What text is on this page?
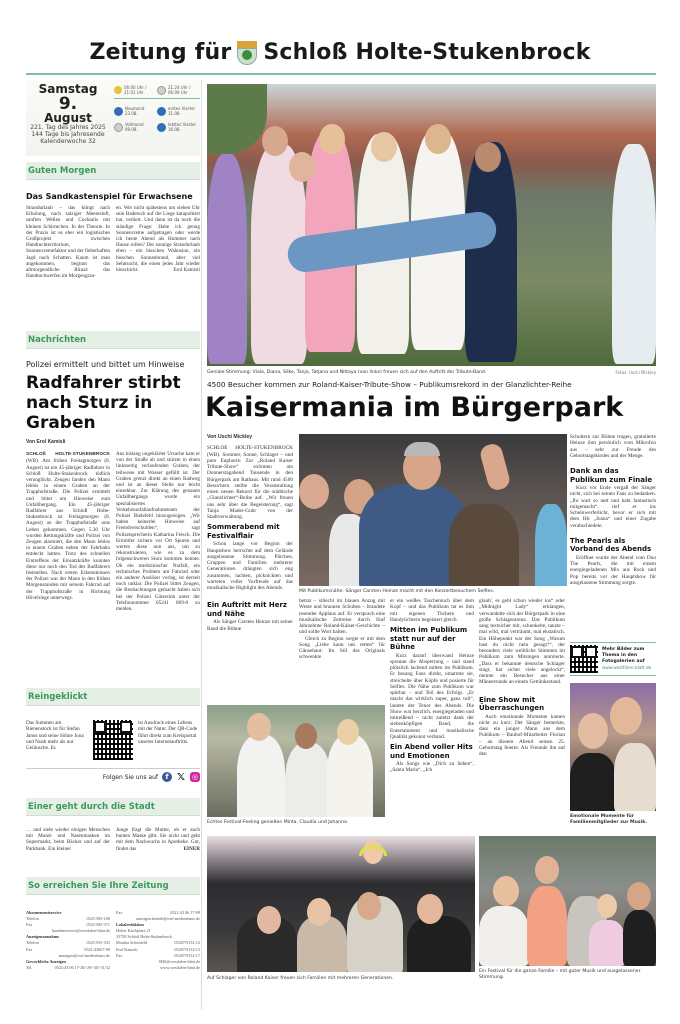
Zeitung für Schloß Holte-Stukenbrock
Samstag
9.
August
221. Tag des Jahres 2025
144 Tage bis Jahresende
Kalenderwoche 32
06:00 Uhr / 21:01 Uhr
21:24 Uhr / 06:09 Uhr
Neumond
23.08.
erstes Viertel
31.08.
Vollmond
09.08.
letztes Viertel
16.08.
Guten Morgen
Das Sandkastenspiel für Erwachsene

Strandurlaub – das klingt nach Erholung, nach salziger Meeresluft, sanften Wellen und Cocktails mit kleinen Schirmchen. In der Theorie. In der Praxis ist es eher ein logistisches Großprojekt zwischen Handtuchterritorium, Sonnencremefaktor und der fieberhaften Jagd nach Schatten. Kaum ist man angekommen, beginnt das allmorgendliche Ritual: das Handtuchwerfen im Morgengrau-

en. Wer nicht spätestens um sieben Uhr sein Badetuch auf die Liege katapultiert hat, verliert. Und dann ist da noch die ständige Frage: Habe ich genug Sonnencreme aufgetragen oder werde ich heute Abend als Hummer nach Hause rollen? Der sonnige Strandurlaub eben – ein bisschen Wahnsinn, ein bisschen Sonnenbrand, aber viel Sehnsucht, die einen jedes Jahr wieder hinschickt.	Erol Kamisli

Nachrichten
Polizei ermittelt und bittet um Hinweise
Radfahrer stirbt nach Sturz in Graben

Von Erol Kamisli
SCHLOß HOLTE-STUKENBROCK (WB). Am frühen Freitagmorgen (8. August) ist ein 45-jähriger Radfahrer in Schloß Holte-Stukenbrock tödlich verunglückt. Zeugen fanden den Mann leblos in einem Graben an der Trapphofstraße. Die Polizei ermittelt und bittet um Hinweise zum Unfallhergang. Ein 45-jähriger Radfahrer aus Schloß Holte-Stukenbrock ist Freitagmorgen (8. August) an der Trapphofstraße ums Leben gekommen. Gegen 5.30 Uhr wurden Rettungskräfte und Polizei von Zeugen alarmiert, die den Mann leblos in einem Graben neben der Fahrbahn entdeckt hatten. Trotz des schnellen Eintreffens der Einsatzkräfte konnten diese nur noch den Tod des Radfahrers feststellen. Nach ersten Erkenntnissen der Polizei war der Mann in den frühen Morgenstunden mit seinem Fahrrad auf der Trapphofstraße in Richtung Hövelriege unterwegs.

Aus bislang ungeklärter Ursache kam er von der Straße ab und stürzte in einen linksseitig verlaufenden Graben, der teilweise mit Wasser gefüllt ist. Der Graben grenzt direkt an einen Radweg und ist an dieser Stelle nur leicht einsehbar. Zur Klärung des genauen Unfallhergangs wurde ein spezialisiertes Verkehrsunfallaufnahmeteam der Polizei Bielefeld hinzugezogen. „Wir haben keinerlei Hinweise auf Fremdverschulden“, sagt Polizeisprecherin Katharina Felsch. Die Ermittler sichern vor Ort Spuren und werten diese nun aus, um zu rekonstruieren, wie es zu dem folgenschweren Sturz kommen konnte. Ob ein medizinischer Notfall, ein technisches Problem am Fahrrad oder ein anderer Auslöser vorlag, ist derzeit noch unklar. Die Polizei bittet Zeugen, die Beobachtungen gemacht haben sich bei der Polizei Gütersloh unter der Telefonnummer 05241 869-0 zu melden.

Reingeklickt

Das Summen am Bienenstock ist für Stefan Janus und seine Söhne Jona und Noah mehr als nur Geräusche. Es

ist Ausdruck eines Lebens mit der Natur. Der QR-Code führt direkt zum Kreisportal unseres Internetauftritts.

Folgen Sie uns auf	f 𝕏 ◎
Einer geht durch die Stadt

… und sieht wieder einigen Menschen mit Mund- und Nasenmasken im Supermarkt, beim Bäcker und auf der Parkbank. Ein kleiner

Junge fragt die Mutter, ob er auch bunten Maske gibt. Sie nickt und geht mit dem Nachwuchs in Apotheke. Gut, findet das	EINER

So erreichen Sie Ihre Zeitung
Abonnementservice
Telefon	0521/585-100
Fax	0521/585-371
kundenservice@westfalen-blatt.de
Anzeigenannahme
Telefon	0521/555-333
Fax	0521/43067-99
anzeigen@owl-medienhaus.de
Gewerbliche Anzeigen
Tel.	0521/43 06 17-28/-29/-30/-31/32
Fax	0521/43 06 17-99
anzeigen.betrieb@owl-medienhaus.de
Lokalredaktion
Holter Kirchplatz 21
33758 Schloß Holte-Stukenbrock
Monika Schönfeld	05207/9152-12
Erol Kamisli	05207/9152-13
Fax	05207/9152-17
SHS@westfalen-blatt.de
www.westfalen-blatt.de
Geniale Stimmung: Viola, Diana, Silke, Tanja, Tatjana und Nittaya (von links) freuen sich auf den Auftritt der Tribute-Band.	Fotos: Uschi Mickley
4500 Besucher kommen zur Roland-Kaiser-Tribute-Show – Publikumsrekord in der Glanzlichter-Reihe
Kaisermania im Bürgerpark
Von Uschi Mickley

SCHLOß HOLTE-STUKENBROCK (WB). Sommer, Sonne, Schlager – und pure Euphorie: Zur „Roland Kaiser Tribute-Show“ strömten am Donnerstagabend Tausende in den Bürgerpark am Rathaus. Mit rund 4500 Besuchern stellte die Veranstaltung einen neuen Rekord für die städtische „Glanzlichter“-Reihe auf. „Wir freuen uns sehr über die Begeisterung“, sagt Tanja Mader-Guhr von der Stadtverwaltung.

Sommerabend mit Festivalflair

Schon lange vor Beginn der Hauptshow herrschte auf dem Gelände ausgelassene Stimmung. Pärchen, Gruppen und Familien mehrerer Generationen drängten sich eng zusammen, lachten, picknickten und warteten voller Vorfreude auf das musikalische Highlight des Abends.

Ein Auftritt mit Herz und Nähe

Als Sänger Carsten Heinze mit seiner Band die Bühne

Mit Publikumsnähe: Sänger Carsten Heinze macht mit den Konzertbesuchern Selfies.

betrat – stilecht im blauen Anzug mit Weste und braunen Schuhen – brandete tosender Applaus auf. Er versprach eine musikalische Zeitreise durch fünf Jahrzehnte Roland-Kaiser-Geschichte – und sollte Wort halten.

Gleich zu Beginn sorgte er mit dem Song „Liebe kann uns retten“ für Gänsehaut: Im Stil des Originals schwenkte

er ein weißes Taschentuch über dem Kopf – und das Publikum tat es ihm mit eigenen Tüchern und Handylichtern begeistert gleich.

Mitten im Publikum statt nur auf der Bühne

Kurz darauf überwand Heinze spontan die Absperrung – und stand plötzlich lachend mitten im Publikum. Er besang Fans direkt, umarmte sie, streichelte über Köpfe und posierte für Selfies. Die Nähe zum Publikum war spürbar – und Teil des Erfolgs. „Er macht das wirklich super, ganz toll“, lautete der Tenor des Abends. Die Show war herzlich, energiegeladen und mitreißend – nicht zuletzt dank der siebenköpfigen Band, die Entertainment und musikalische Qualität gekonnt verband.

Ein Abend voller Hits und Emotionen

Als Songs wie „Dich zu lieben“, „Santa Maria“, „Ich

glaub', es geht schon wieder los“ oder „Midnight Lady“ erklangen, verwandelte sich der Bürgerpark in eine große Schlagerarena. Das Publikum sang textsicher mit, schunkelte, tanzte – mal wild, mal verträumt, mal ekstatisch. Ein Höhepunkt war der Song „Warum hast du nicht nein gesagt?“, der besonders viele weibliche Stimmen im Publikum zum Mitsingen animierte. „Dass er bekannte deutsche Schlager singt, hat sicher viele angelockt“, meinte ein Besucher aus einer Männerrunde an einem Getränkestand.

Eine Show mit Überraschungen

Auch emotionale Momente kamen nicht zu kurz: Der Sänger bemerkte, dass ein junger Mann aus dem Publikum – Bauhof-Mitarbeiter Florian – an diesem Abend seinen 25. Geburtstag feierte. Als Freunde ihn auf den

Schultern zur Bühne trugen, gratulierte Heinze ihm persönlich vom Mikrofon aus – sehr zur Freude des Geburtstagskindes und der Menge.

Dank an das Publikum zum Finale

Kurz vor Ende vergaß der Sänger nicht, sich bei seinen Fans zu bedanken. „Ihr wart so nett und habt fantastisch mitgemacht“, rief er ins Scheinwerferlicht, bevor er sich mit dem Hit „Joana“ und einer Zugabe verabschiedete.

The Pearls als Vorband des Abends

Eröffnet wurde der Abend vom Duo The Pearls, die mit einem energiegeladenen Mix aus Rock und Pop bereits vor der Hauptshow für ausgelassene Stimmung sorgte.

Mehr Bilder zum Thema in den Fotogalerien auf
www.westfalen-blatt.de
Echtes Festival-Feeling genießen Minta, Claudia und Johanna.
Emotionale Momente für Familienmitglieder zur Musik.
Auf Schlager von Roland Kaiser freuen sich Familien mit mehreren Generationen.
Ein Festival für die ganze Familie – mit guter Musik und ausgelassener Stimmung.
